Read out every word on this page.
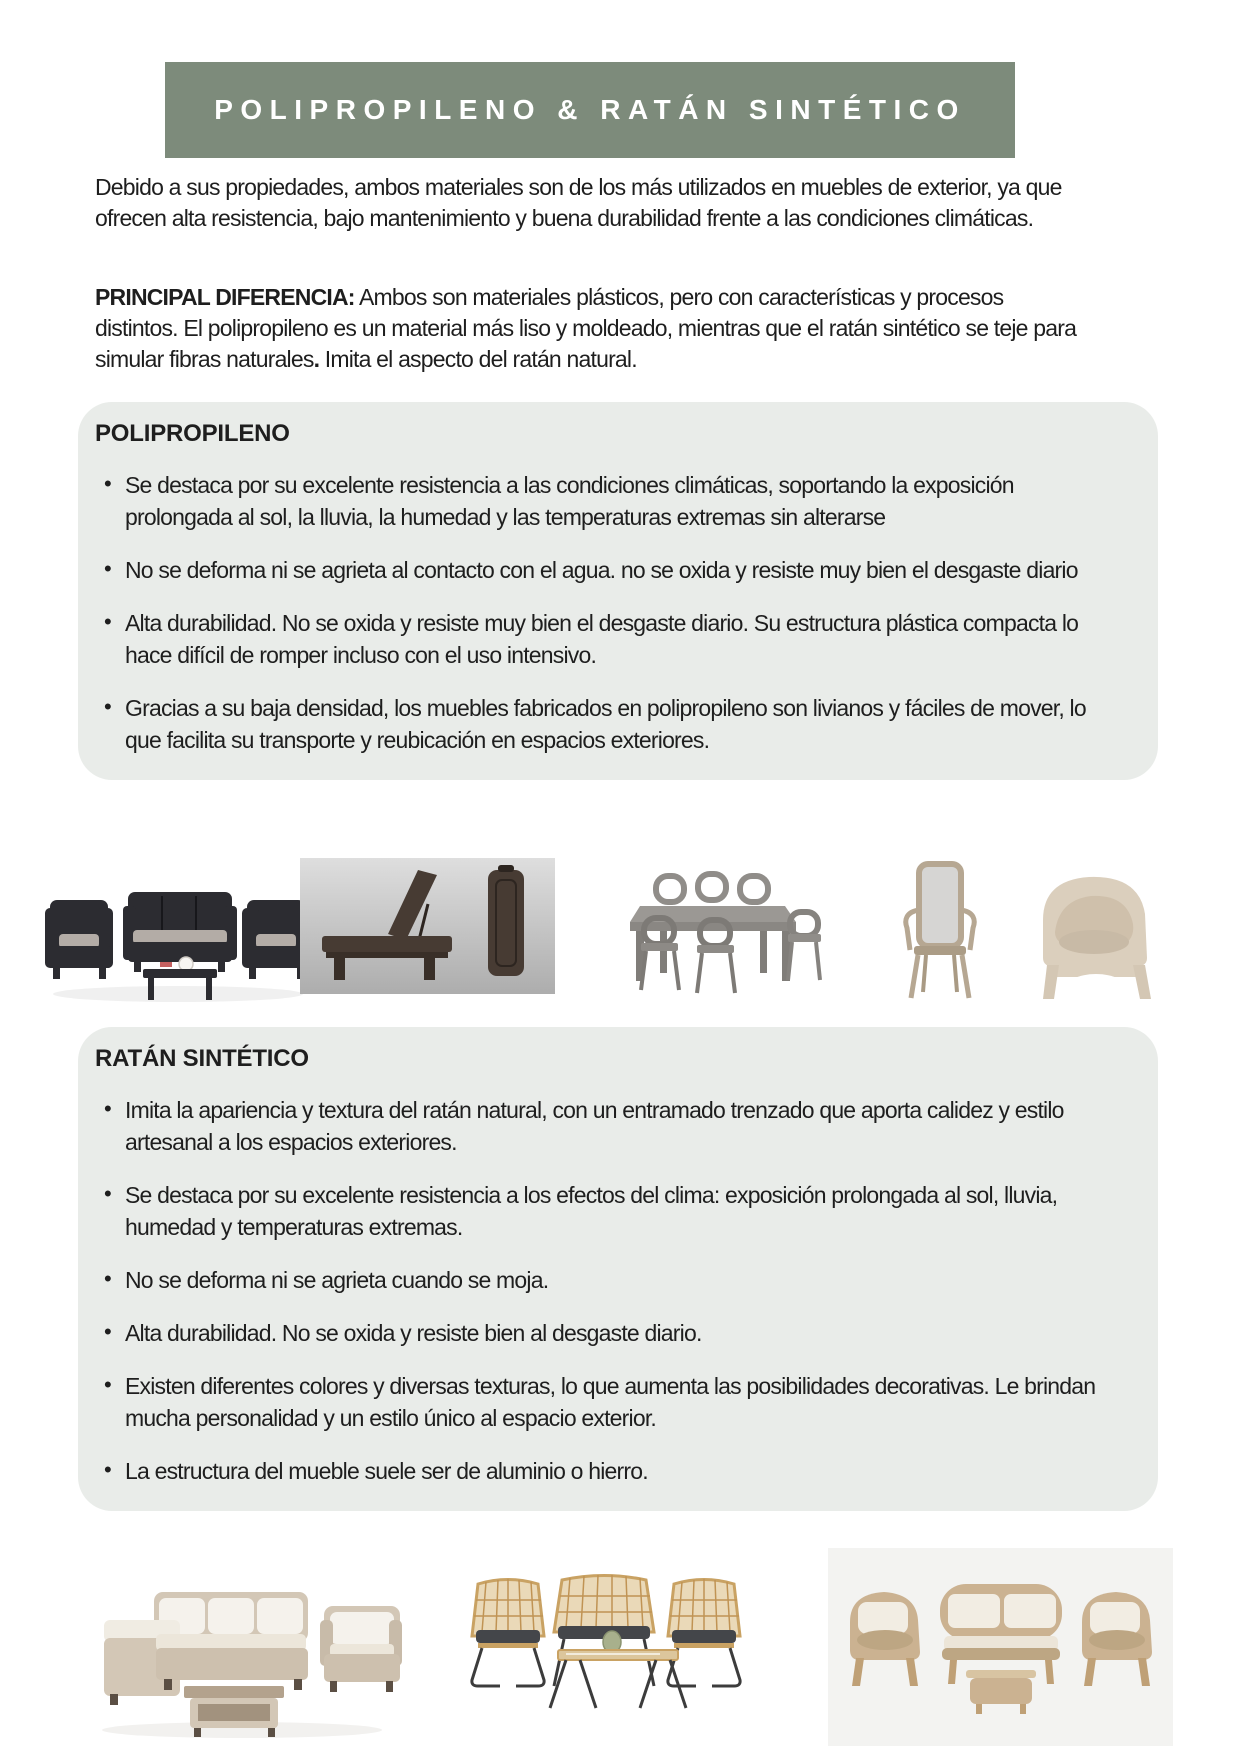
POLIPROPILENO & RATÁN SINTÉTICO

Debido a sus propiedades, ambos materiales son de los más utilizados en muebles de exterior, ya que ofrecen alta resistencia, bajo mantenimiento y buena durabilidad frente a las condiciones climáticas.

PRINCIPAL DIFERENCIA: Ambos son materiales plásticos, pero con características y procesos distintos. El polipropileno es un material más liso y moldeado, mientras que el ratán sintético se teje para simular fibras naturales. Imita el aspecto del ratán natural.

POLIPROPILENO
• Se destaca por su excelente resistencia a las condiciones climáticas, soportando la exposición prolongada al sol, la lluvia, la humedad y las temperaturas extremas sin alterarse
• No se deforma ni se agrieta al contacto con el agua. no se oxida y resiste muy bien el desgaste diario
• Alta durabilidad. No se oxida y resiste muy bien el desgaste diario. Su estructura plástica compacta lo hace difícil de romper incluso con el uso intensivo.
• Gracias a su baja densidad, los muebles fabricados en polipropileno son livianos y fáciles de mover, lo que facilita su transporte y reubicación en espacios exteriores.
RATÁN SINTÉTICO
• Imita la apariencia y textura del ratán natural, con un entramado trenzado que aporta calidez y estilo artesanal a los espacios exteriores.
• Se destaca por su excelente resistencia a los efectos del clima: exposición prolongada al sol, lluvia, humedad y temperaturas extremas.
• No se deforma ni se agrieta cuando se moja.
• Alta durabilidad. No se oxida y resiste bien al desgaste diario.
• Existen diferentes colores y diversas texturas, lo que aumenta las posibilidades decorativas. Le brindan mucha personalidad y un estilo único al espacio exterior.
• La estructura del mueble suele ser de aluminio o hierro.
